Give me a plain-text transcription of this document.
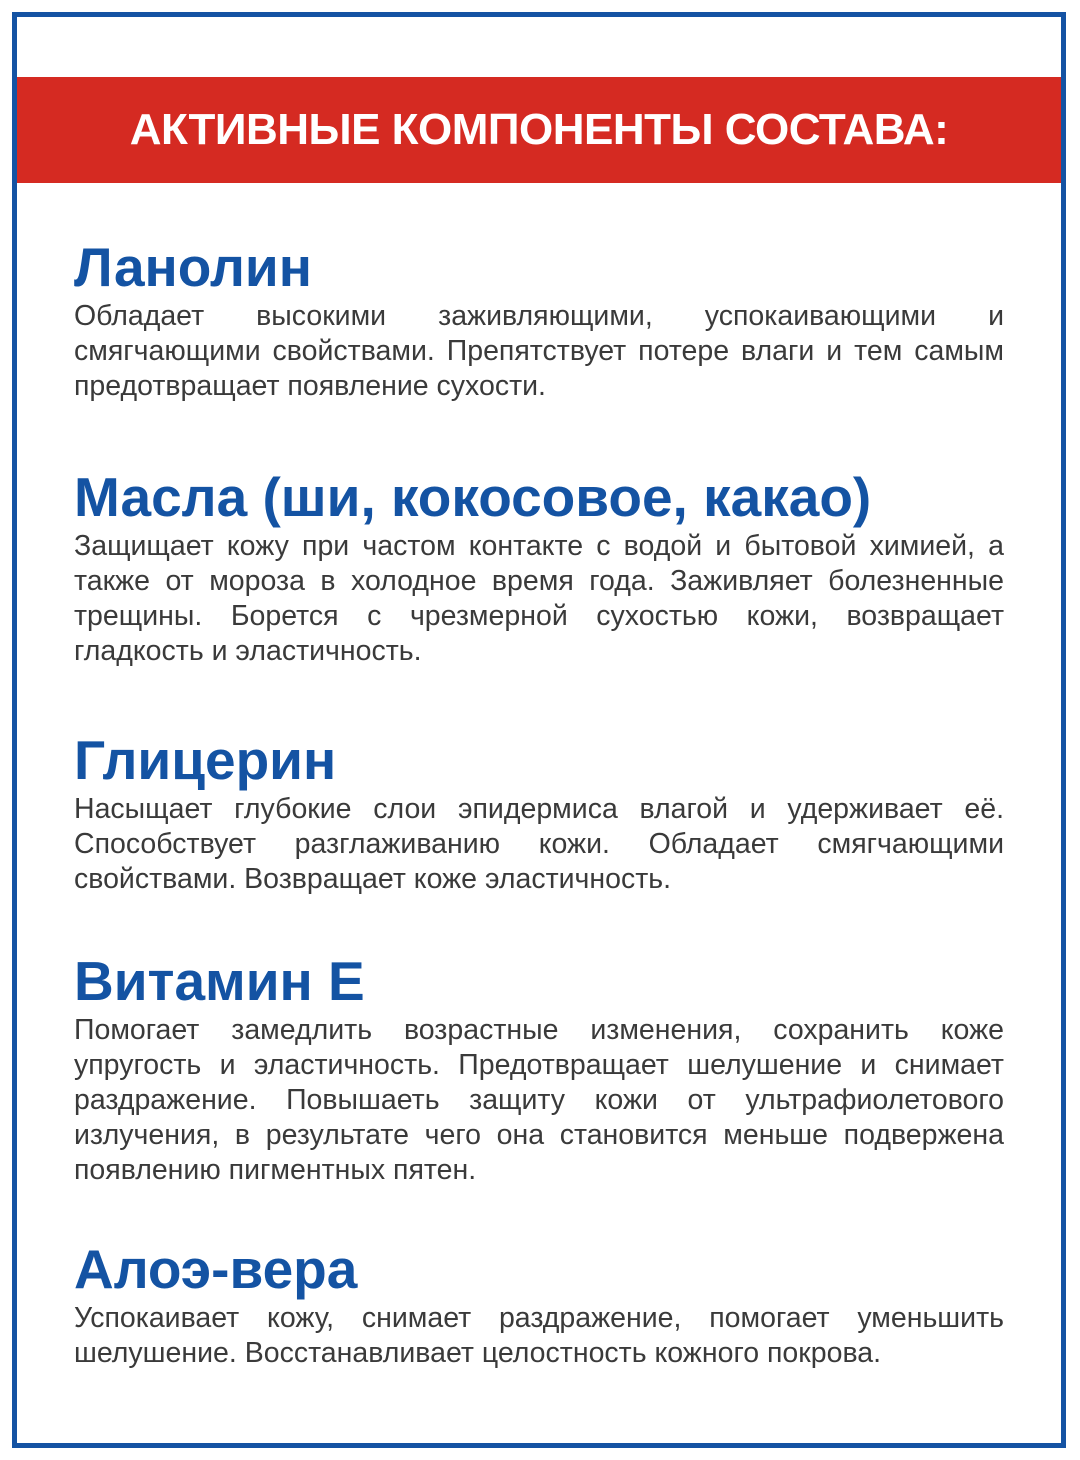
АКТИВНЫЕ КОМПОНЕНТЫ СОСТАВА:
Ланолин

Обладает высокими заживляющими, успокаивающими и смягчающими свойствами. Препятствует потере влаги и тем самым предотвращает появление сухости.

Масла (ши, кокосовое, какао)

Защищает кожу при частом контакте с водой и бытовой химией, а также от мороза в холодное время года. Заживляет болезненные трещины. Борется с чрезмерной сухостью кожи, возвращает гладкость и эластичность.

Глицерин

Насыщает глубокие слои эпидермиса влагой и удерживает её. Способствует разглаживанию кожи. Обладает смягчающими свойствами. Возвращает коже эластичность.

Витамин Е

Помогает замедлить возрастные изменения, сохранить коже упругость и эластичность. Предотвращает шелушение и снимает раздражение. Повышаеть защиту кожи от ультрафиолетового излучения, в результате чего она становится меньше подвержена появлению пигментных пятен.

Алоэ-вера

Успокаивает кожу, снимает раздражение, помогает уменьшить шелушение. Восстанавливает целостность кожного покрова.
